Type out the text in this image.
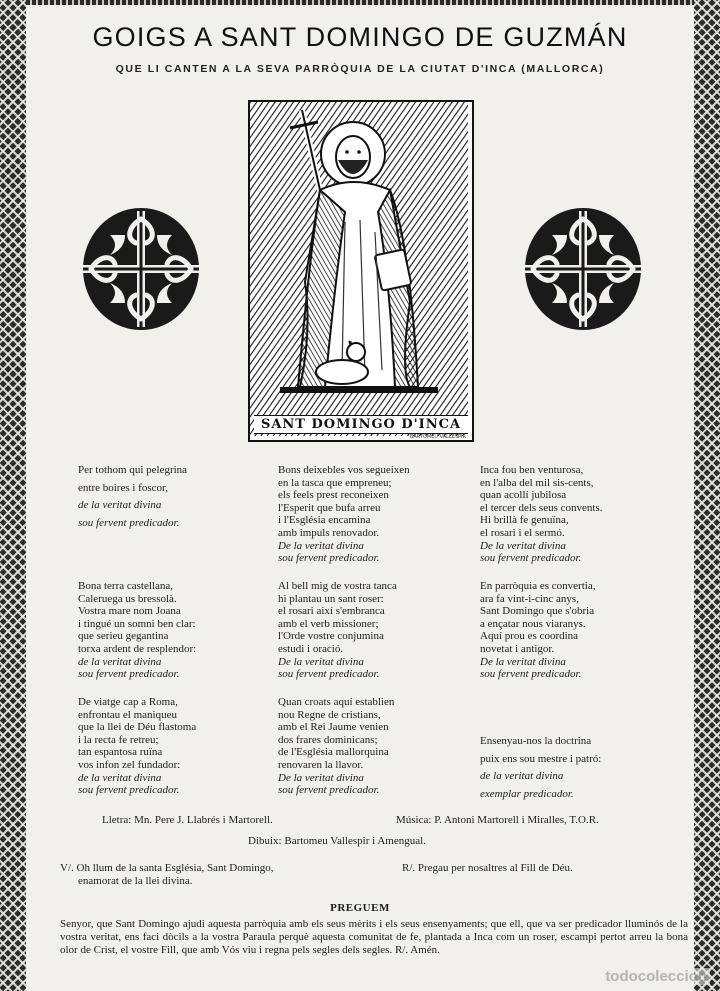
GOIGS A SANT DOMINGO DE GUZMÁN
QUE LI CANTEN A LA SEVA PARRÒQUIA DE LA CIUTAT D'INCA (MALLORCA)
SANT DOMINGO D'INCA
BARTOMEU VALLESPIR
Per tothom qui pelegrina
entre boires i foscor,
de la veritat divina
sou fervent predicador.
Bons deixebles vos segueixen
en la tasca que empreneu;
els feels prest reconeixen
l'Esperit que bufa arreu
i l'Església encamina
amb impuls renovador.
De la veritat divina
sou fervent predicador.
Inca fou ben venturosa,
en l'alba del mil sis-cents,
quan acollí jubilosa
el tercer dels seus convents.
Hi brillà fe genuïna,
el rosari i el sermó.
De la veritat divina
sou fervent predicador.
Bona terra castellana,
Caleruega us bressolà.
Vostra mare nom Joana
i tingué un somni ben clar:
que serieu gegantina
torxa ardent de resplendor:
de la veritat divina
sou fervent predicador.
Al bell mig de vostra tanca
hi plantau un sant roser:
el rosari així s'embranca
amb el verb missioner;
l'Orde vostre conjumina
estudi i oració.
De la veritat divina
sou fervent predicador.
En parròquia es convertia,
ara fa vint-i-cinc anys,
Sant Domingo que s'obria
a ençatar nous viaranys.
Aquí prou es coordina
novetat i antigor.
De la veritat divina
sou fervent predicador.
De viatge cap a Roma,
enfrontau el maniqueu
que la llei de Déu flastoma
i la recta fe retreu;
tan espantosa ruïna
vos infon zel fundador:
de la veritat divina
sou fervent predicador.
Quan croats aquí establien
nou Regne de cristians,
amb el Rei Jaume venien
dos frares dominicans;
de l'Església mallorquina
renovaren la llavor.
De la veritat divina
sou fervent predicador.
Ensenyau-nos la doctrina
puix ens sou mestre i patró:
de la veritat divina
exemplar predicador.
Lletra: Mn. Pere J. Llabrés i Martorell.	Música: P. Antoni Martorell i Miralles, T.O.R.
Dibuix: Bartomeu Vallespir i Amengual.
V/. Oh llum de la santa Església, Sant Domingo,
enamorat de la llei divina.
R/. Pregau per nosaltres al Fill de Déu.
PREGUEM
Senyor, que Sant Domingo ajudi aquesta parròquia amb els seus mèrits i els seus ensenyaments; que ell, que va ser predicador lluminós de la vostra veritat, ens faci dòcils a la vostra Paraula perquè aquesta comunitat de fe, plantada a Inca com un roser, escampi pertot arreu la bona olor de Crist, el vostre Fill, que amb Vós viu i regna pels segles dels segles. R/. Amén.
todocoleccion
